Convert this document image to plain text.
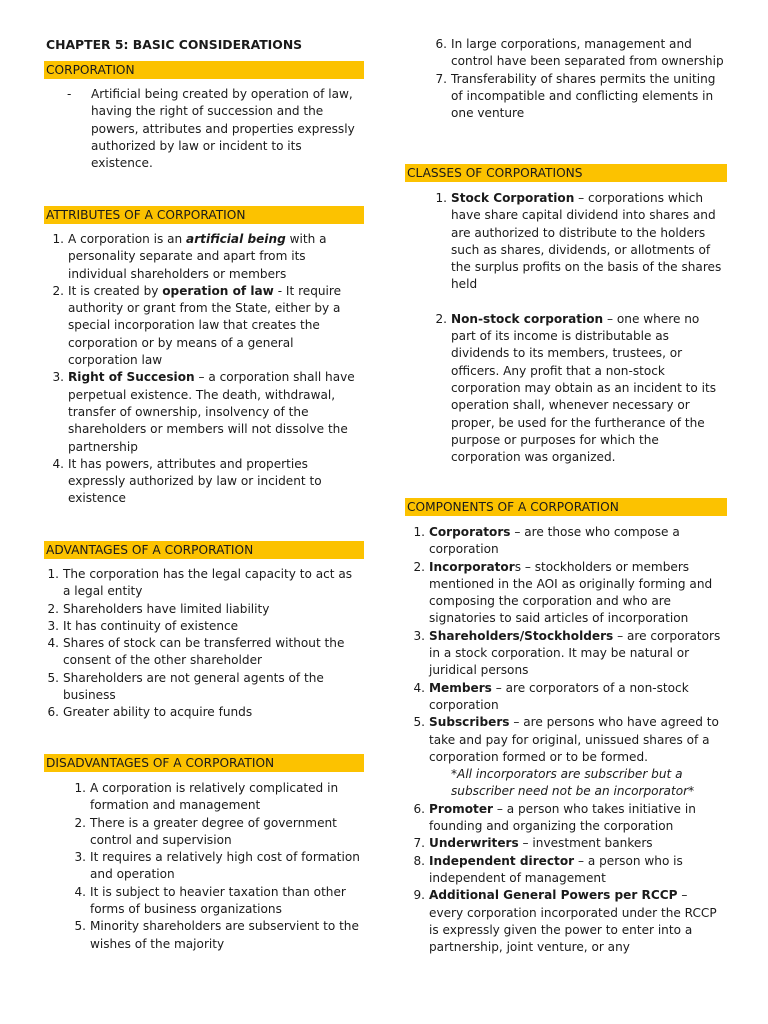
CHAPTER 5: BASIC CONSIDERATIONS
CORPORATION
- Artificial being created by operation of law, having the right of succession and the powers, attributes and properties expressly authorized by law or incident to its existence.
ATTRIBUTES OF A CORPORATION
1. A corporation is an artificial being with a personality separate and apart from its individual shareholders or members
2. It is created by operation of law - It require authority or grant from the State, either by a special incorporation law that creates the corporation or by means of a general corporation law
3. Right of Succesion – a corporation shall have perpetual existence. The death, withdrawal, transfer of ownership, insolvency of the shareholders or members will not dissolve the partnership
4. It has powers, attributes and properties expressly authorized by law or incident to existence
ADVANTAGES OF A CORPORATION
1. The corporation has the legal capacity to act as a legal entity
2. Shareholders have limited liability
3. It has continuity of existence
4. Shares of stock can be transferred without the consent of the other shareholder
5. Shareholders are not general agents of the business
6. Greater ability to acquire funds
DISADVANTAGES OF A CORPORATION
1. A corporation is relatively complicated in formation and management
2. There is a greater degree of government control and supervision
3. It requires a relatively high cost of formation and operation
4. It is subject to heavier taxation than other forms of business organizations
5. Minority shareholders are subservient to the wishes of the majority
6. In large corporations, management and control have been separated from ownership
7. Transferability of shares permits the uniting of incompatible and conflicting elements in one venture
CLASSES OF CORPORATIONS
1. Stock Corporation – corporations which have share capital dividend into shares and are authorized to distribute to the holders such as shares, dividends, or allotments of the surplus profits on the basis of the shares held
2. Non-stock corporation – one where no part of its income is distributable as dividends to its members, trustees, or officers. Any profit that a non-stock corporation may obtain as an incident to its operation shall, whenever necessary or proper, be used for the furtherance of the purpose or purposes for which the corporation was organized.
COMPONENTS OF A CORPORATION
1. Corporators – are those who compose a corporation
2. Incorporators – stockholders or members mentioned in the AOI as originally forming and composing the corporation and who are signatories to said articles of incorporation
3. Shareholders/Stockholders – are corporators in a stock corporation. It may be natural or juridical persons
4. Members – are corporators of a non-stock corporation
5. Subscribers – are persons who have agreed to take and pay for original, unissued shares of a corporation formed or to be formed.
*All incorporators are subscriber but a subscriber need not be an incorporator*
6. Promoter – a person who takes initiative in founding and organizing the corporation
7. Underwriters – investment bankers
8. Independent director – a person who is independent of management
9. Additional General Powers per RCCP – every corporation incorporated under the RCCP is expressly given the power to enter into a partnership, joint venture, or any
